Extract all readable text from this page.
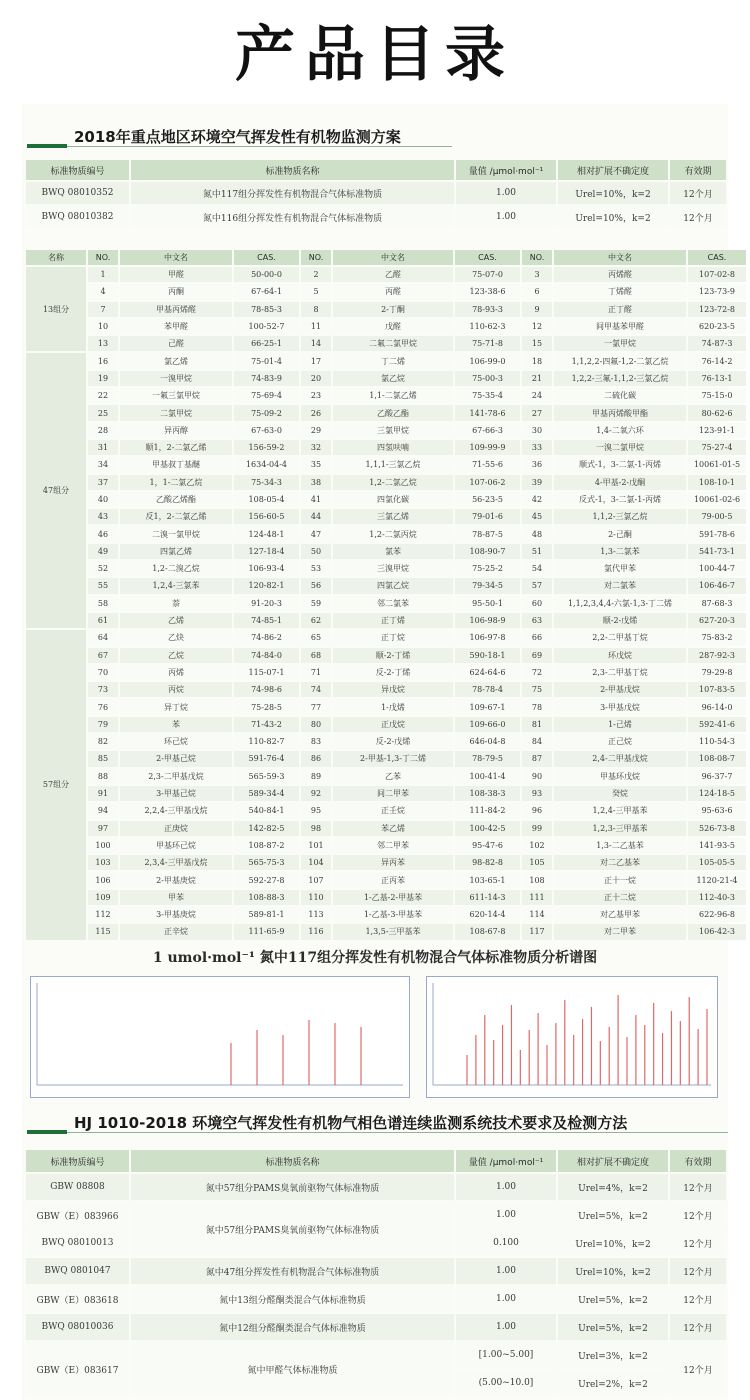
产品目录
2018年重点地区环境空气挥发性有机物监测方案
标准物质编号	标准物质名称	量值 /μmol·mol⁻¹	相对扩展不确定度	有效期
BWQ 08010352	氮中117组分挥发性有机物混合气体标准物质	1.00	Urel=10%，k=2	12个月
BWQ 08010382	氮中116组分挥发性有机物混合气体标准物质	1.00	Urel=10%，k=2	12个月
名称	NO.	中文名	CAS.	NO.	中文名	CAS.	NO.	中文名	CAS.
13组分	1	甲醛	50-00-0	2	乙醛	75-07-0	3	丙烯醛	107-02-8
	4	丙酮	67-64-1	5	丙醛	123-38-6	6	丁烯醛	123-73-9
	7	甲基丙烯醛	78-85-3	8	2-丁酮	78-93-3	9	正丁醛	123-72-8
	10	苯甲醛	100-52-7	11	戊醛	110-62-3	12	间甲基苯甲醛	620-23-5
	13	己醛	66-25-1	14	二氟二氯甲烷	75-71-8	15	一氯甲烷	74-87-3
47组分	16	氯乙烯	75-01-4	17	丁二烯	106-99-0	18	1,1,2,2-四氟-1,2-二氯乙烷	76-14-2
	19	一溴甲烷	74-83-9	20	氯乙烷	75-00-3	21	1,2,2-三氟-1,1,2-三氯乙烷	76-13-1
	22	一氟三氯甲烷	75-69-4	23	1,1-二氯乙烯	75-35-4	24	二硫化碳	75-15-0
	25	二氯甲烷	75-09-2	26	乙酸乙酯	141-78-6	27	甲基丙烯酸甲酯	80-62-6
	28	异丙醇	67-63-0	29	三氯甲烷	67-66-3	30	1,4-二氧六环	123-91-1
	31	顺1，2-二氯乙烯	156-59-2	32	四氢呋喃	109-99-9	33	一溴二氯甲烷	75-27-4
	34	甲基叔丁基醚	1634-04-4	35	1,1,1-三氯乙烷	71-55-6	36	顺式-1，3-二氯-1-丙烯	10061-01-5
	37	1，1-二氯乙烷	75-34-3	38	1,2-二氯乙烷	107-06-2	39	4-甲基-2-戊酮	108-10-1
	40	乙酸乙烯酯	108-05-4	41	四氯化碳	56-23-5	42	反式-1，3-二氯-1-丙烯	10061-02-6
	43	反1，2-二氯乙烯	156-60-5	44	三氯乙烯	79-01-6	45	1,1,2-三氯乙烷	79-00-5
	46	二溴一氯甲烷	124-48-1	47	1,2-二氯丙烷	78-87-5	48	2-己酮	591-78-6
	49	四氯乙烯	127-18-4	50	氯苯	108-90-7	51	1,3-二氯苯	541-73-1
	52	1,2-二溴乙烷	106-93-4	53	三溴甲烷	75-25-2	54	氯代甲苯	100-44-7
	55	1,2,4-三氯苯	120-82-1	56	四氯乙烷	79-34-5	57	对二氯苯	106-46-7
	58	萘	91-20-3	59	邻二氯苯	95-50-1	60	1,1,2,3,4,4-六氯-1,3-丁二烯	87-68-3
	61	乙烯	74-85-1	62	正丁烯	106-98-9	63	顺-2-戊烯	627-20-3
57组分	64	乙炔	74-86-2	65	正丁烷	106-97-8	66	2,2-二甲基丁烷	75-83-2
	67	乙烷	74-84-0	68	顺-2-丁烯	590-18-1	69	环戊烷	287-92-3
	70	丙烯	115-07-1	71	反-2-丁烯	624-64-6	72	2,3-二甲基丁烷	79-29-8
	73	丙烷	74-98-6	74	异戊烷	78-78-4	75	2-甲基戊烷	107-83-5
	76	异丁烷	75-28-5	77	1-戊烯	109-67-1	78	3-甲基戊烷	96-14-0
	79	苯	71-43-2	80	正戊烷	109-66-0	81	1-己烯	592-41-6
	82	环己烷	110-82-7	83	反-2-戊烯	646-04-8	84	正己烷	110-54-3
	85	2-甲基己烷	591-76-4	86	2-甲基-1,3-丁二烯	78-79-5	87	2,4-二甲基戊烷	108-08-7
	88	2,3-二甲基戊烷	565-59-3	89	乙苯	100-41-4	90	甲基环戊烷	96-37-7
	91	3-甲基己烷	589-34-4	92	间二甲苯	108-38-3	93	癸烷	124-18-5
	94	2,2,4-三甲基戊烷	540-84-1	95	正壬烷	111-84-2	96	1,2,4-三甲基苯	95-63-6
	97	正庚烷	142-82-5	98	苯乙烯	100-42-5	99	1,2,3-三甲基苯	526-73-8
	100	甲基环己烷	108-87-2	101	邻二甲苯	95-47-6	102	1,3-二乙基苯	141-93-5
	103	2,3,4-三甲基戊烷	565-75-3	104	异丙苯	98-82-8	105	对二乙基苯	105-05-5
	106	2-甲基庚烷	592-27-8	107	正丙苯	103-65-1	108	正十一烷	1120-21-4
	109	甲苯	108-88-3	110	1-乙基-2-甲基苯	611-14-3	111	正十二烷	112-40-3
	112	3-甲基庚烷	589-81-1	113	1-乙基-3-甲基苯	620-14-4	114	对乙基甲苯	622-96-8
	115	正辛烷	111-65-9	116	1,3,5-三甲基苯	108-67-8	117	对二甲苯	106-42-3
1 umol·mol⁻¹ 氮中117组分挥发性有机物混合气体标准物质分析谱图
HJ 1010-2018 环境空气挥发性有机物气相色谱连续监测系统技术要求及检测方法
标准物质编号	标准物质名称	量值 /μmol·mol⁻¹	相对扩展不确定度	有效期
GBW 08808	氮中57组分PAMS臭氧前驱物气体标准物质	1.00	Urel=4%，k=2	12个月
GBW（E）083966	氮中57组分PAMS臭氧前驱物气体标准物质	1.00	Urel=5%，k=2	12个月
BWQ 08010013		0.100	Urel=10%，k=2	12个月
BWQ 0801047	氮中47组分挥发性有机物混合气体标准物质	1.00	Urel=10%，k=2	12个月
GBW（E）083618	氮中13组分醛酮类混合气体标准物质	1.00	Urel=5%，k=2	12个月
BWQ 08010036	氮中12组分醛酮类混合气体标准物质	1.00	Urel=5%，k=2	12个月
GBW（E）083617	氮中甲醛气体标准物质	[1.00~5.00]	Urel=3%，k=2	12个月
		(5.00~10.0]	Urel=2%，k=2	
